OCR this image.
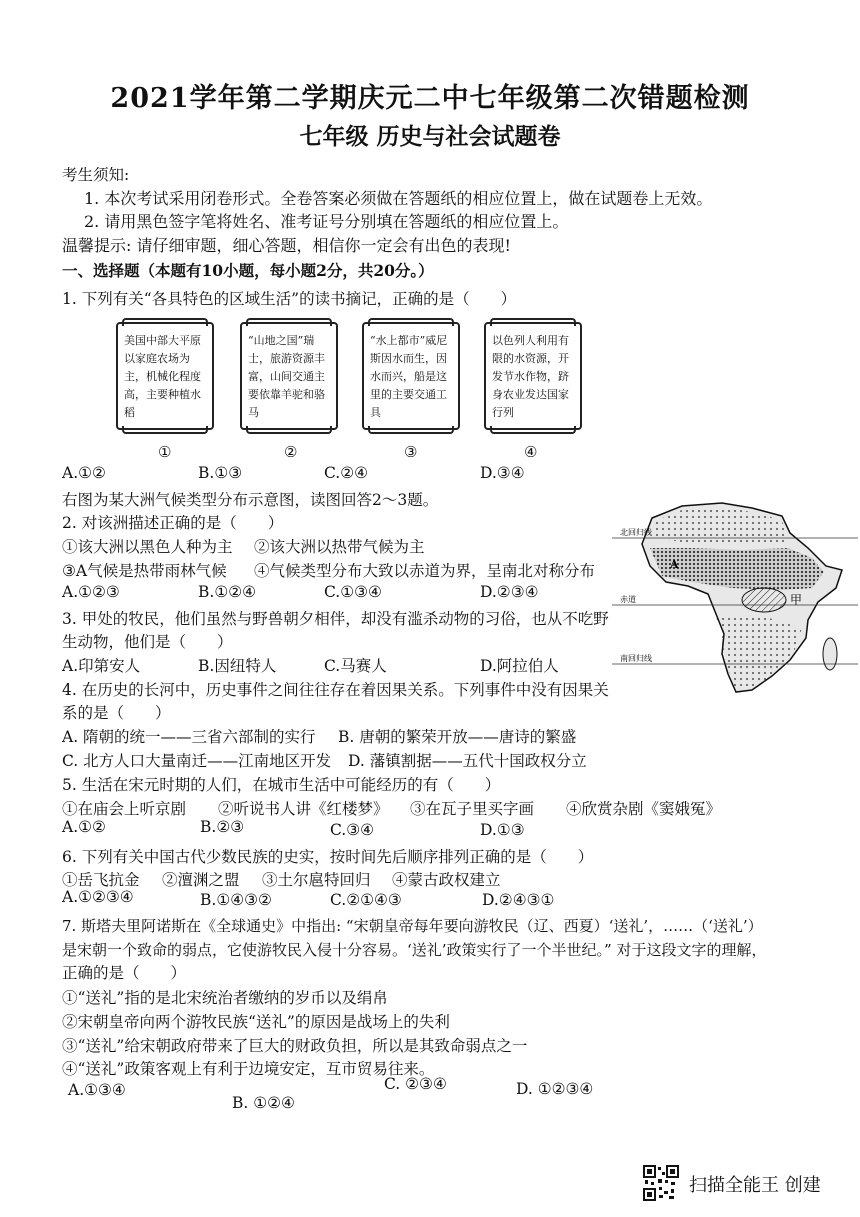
2021学年第二学期庆元二中七年级第二次错题检测
七年级 历史与社会试题卷
考生须知:
1. 本次考试采用闭卷形式。全卷答案必须做在答题纸的相应位置上，做在试题卷上无效。
2. 请用黑色签字笔将姓名、准考证号分别填在答题纸的相应位置上。
温馨提示: 请仔细审题，细心答题，相信你一定会有出色的表现!
一、选择题（本题有10小题，每小题2分，共20分。）
1. 下列有关“各具特色的区域生活”的读书摘记，正确的是（　　）
美国中部大平原以家庭农场为主，机械化程度高，主要种植水稻
“山地之国”瑞士，旅游资源丰富，山间交通主要依靠羊驼和骆马
“水上都市”威尼斯因水而生，因水而兴，船是这里的主要交通工具
以色列人利用有限的水资源，开发节水作物，跻身农业发达国家行列
①	②	③	④
A.①②	B.①③	C.②④	D.③④
右图为某大洲气候类型分布示意图，读图回答2～3题。
2. 对该洲描述正确的是（　　）
①该大洲以黑色人种为主 ②该大洲以热带气候为主
③A气候是热带雨林气候 ④气候类型分布大致以赤道为界，呈南北对称分布
A.①②③	B.①②④	C.①③④	D.②③④
3. 甲处的牧民，他们虽然与野兽朝夕相伴，却没有滥杀动物的习俗，也从不吃野
生动物，他们是（　　）
A.印第安人	B.因纽特人	C.马赛人	D.阿拉伯人
北回归线
赤道
南回归线
A
甲
4. 在历史的长河中，历史事件之间往往存在着因果关系。下列事件中没有因果关
系的是（　　）
A. 隋朝的统一——三省六部制的实行 B. 唐朝的繁荣开放——唐诗的繁盛
C. 北方人口大量南迁——江南地区开发 D. 藩镇割据——五代十国政权分立
5. 生活在宋元时期的人们，在城市生活中可能经历的有（　　）
①在庙会上听京剧 ②听说书人讲《红楼梦》 ③在瓦子里买字画 ④欣赏杂剧《窦娥冤》
A.①②	B.②③	C.③④	D.①③
6. 下列有关中国古代少数民族的史实，按时间先后顺序排列正确的是（　　）
①岳飞抗金 ②澶渊之盟 ③土尔扈特回归 ④蒙古政权建立
A.①②③④	B.①④③②	C.②①④③	D.②④③①
7. 斯塔夫里阿诺斯在《全球通史》中指出: “宋朝皇帝每年要向游牧民（辽、西夏）‘送礼’，……（‘送礼’）
是宋朝一个致命的弱点，它使游牧民入侵十分容易。‘送礼’政策实行了一个半世纪。” 对于这段文字的理解，
正确的是（　　）
①“送礼”指的是北宋统治者缴纳的岁币以及绢帛
②宋朝皇帝向两个游牧民族“送礼”的原因是战场上的失利
③“送礼”给宋朝政府带来了巨大的财政负担，所以是其致命弱点之一
④“送礼”政策客观上有利于边境安定，互市贸易往来。
A.①③④
B. ①②④
C. ②③④	D. ①②③④
扫描全能王 创建
